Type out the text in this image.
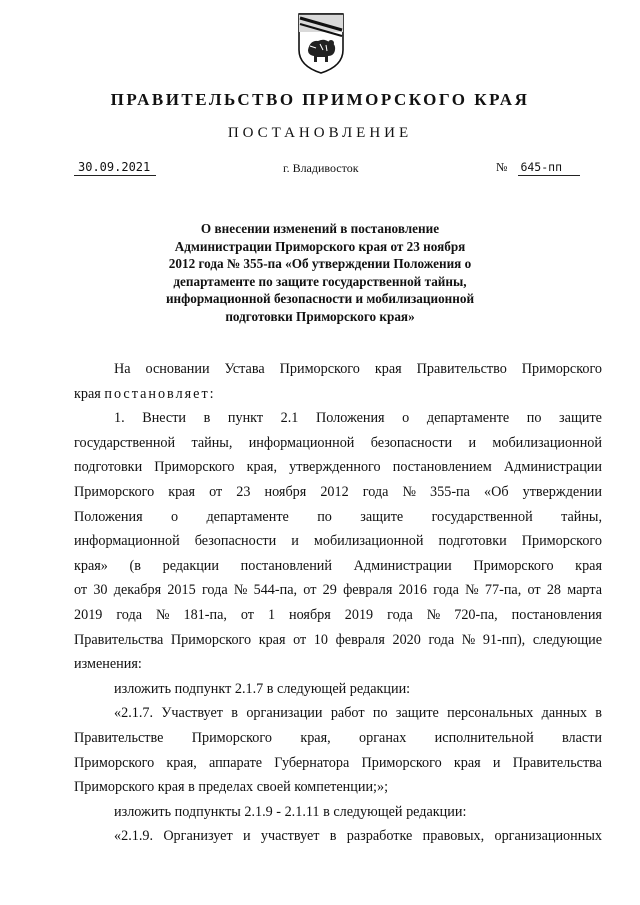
ПРАВИТЕЛЬСТВО ПРИМОРСКОГО КРАЯ
ПОСТАНОВЛЕНИЕ
30.09.2021	г. Владивосток	№ 645-пп
О внесении изменений в постановление
Администрации Приморского края от 23 ноября
2012 года № 355-па «Об утверждении Положения о
департаменте по защите государственной тайны,
информационной безопасности и мобилизационной
подготовки Приморского края»
На основании Устава Приморского края Правительство Приморского
края постановляет:
1. Внести в пункт 2.1 Положения о департаменте по защите
государственной тайны, информационной безопасности и мобилизационной
подготовки Приморского края, утвержденного постановлением Администрации
Приморского края от 23 ноября 2012 года № 355-па «Об утверждении
Положения о департаменте по защите государственной тайны,
информационной безопасности и мобилизационной подготовки Приморского
края» (в редакции постановлений Администрации Приморского края
от 30 декабря 2015 года № 544-па, от 29 февраля 2016 года № 77-па, от 28 марта
2019 года № 181-па, от 1 ноября 2019 года № 720-па, постановления
Правительства Приморского края от 10 февраля 2020 года № 91-пп), следующие
изменения:
изложить подпункт 2.1.7 в следующей редакции:
«2.1.7. Участвует в организации работ по защите персональных данных в
Правительстве Приморского края, органах исполнительной власти
Приморского края, аппарате Губернатора Приморского края и Правительства
Приморского края в пределах своей компетенции;»;
изложить подпункты 2.1.9 - 2.1.11 в следующей редакции:
«2.1.9. Организует и участвует в разработке правовых, организационных
